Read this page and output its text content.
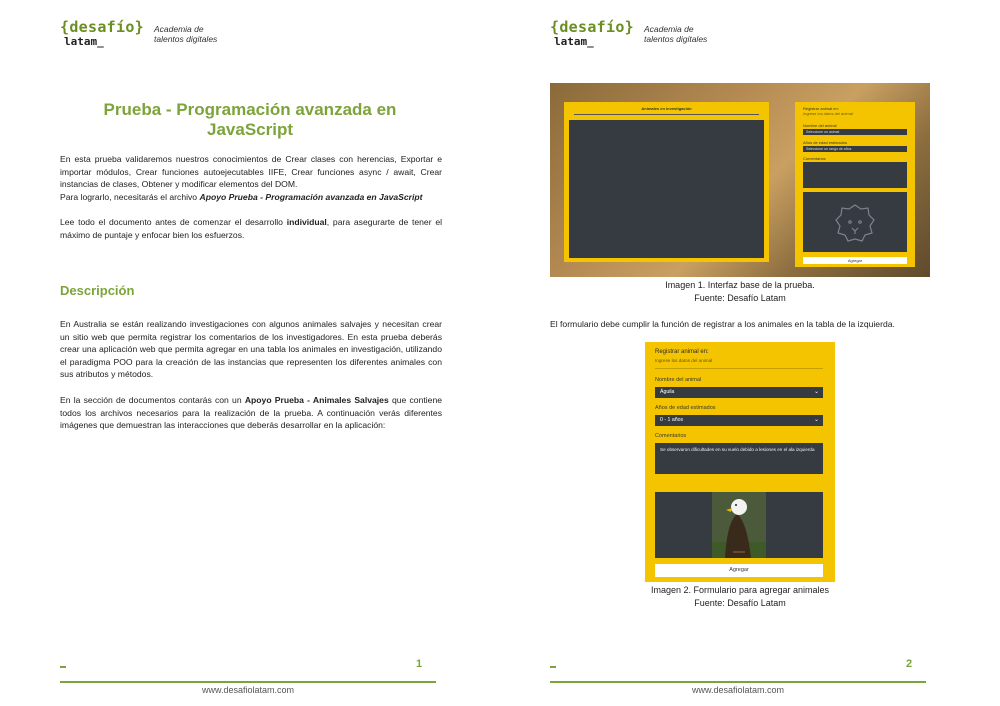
{desafío}
latam_
Academia de talentos digitales
Prueba - Programación avanzada en JavaScript
En esta prueba validaremos nuestros conocimientos de Crear clases con herencias, Exportar e importar módulos, Crear funciones autoejecutables IIFE, Crear funciones async / await, Crear instancias de clases, Obtener y modificar elementos del DOM.
Para lograrlo, necesitarás el archivo Apoyo Prueba - Programación avanzada en JavaScript
Lee todo el documento antes de comenzar el desarrollo individual, para asegurarte de tener el máximo de puntaje y enfocar bien los esfuerzos.
Descripción
En Australia se están realizando investigaciones con algunos animales salvajes y necesitan crear un sitio web que permita registrar los comentarios de los investigadores. En esta prueba deberás crear una aplicación web que permita agregar en una tabla los animales en investigación, utilizando el paradigma POO para la creación de las instancias que representen los diferentes animales con sus atributos y métodos.
En la sección de documentos contarás con un Apoyo Prueba - Animales Salvajes que contiene todos los archivos necesarios para la realización de la prueba. A continuación verás diferentes imágenes que demuestran las interacciones que deberás desarrollar en la aplicación:
1
www.desafiolatam.com
{desafío}
latam_
Academia de talentos digitales
Animales en investigación	Registrar animal en:
Ingrese los datos del animal
Nombre del animal
Seleccione un animal
Años de edad estimados
Seleccione un rango de años
Comentarios
Agregar
Imagen 1. Interfaz base de la prueba.
Fuente: Desafío Latam
El formulario debe cumplir la función de registrar a los animales en la tabla de la izquierda.
Registrar animal en:
Ingrese los datos del animal
Nombre del animal
Águila	⌄
Años de edad estimados
0 - 1 años	⌄
Comentarios
Se observaron dificultades en su vuelo debido a lesiones en el ala izquierda
Agregar
Imagen 2. Formulario para agregar animales
Fuente: Desafío Latam
2
www.desafiolatam.com
